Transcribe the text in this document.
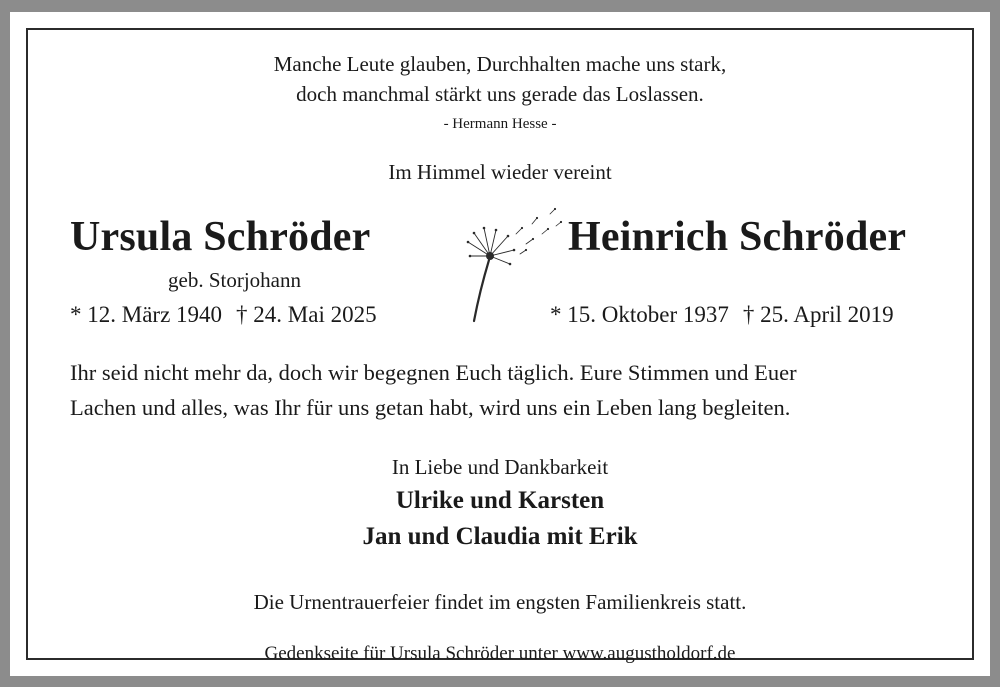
Manche Leute glauben, Durchhalten mache uns stark,
doch manchmal stärkt uns gerade das Loslassen.
- Hermann Hesse -
Im Himmel wieder vereint
Ursula Schröder
geb. Storjohann
* 12. März 1940 † 24. Mai 2025
Heinrich Schröder
* 15. Oktober 1937 † 25. April 2019
Ihr seid nicht mehr da, doch wir begegnen Euch täglich. Eure Stimmen und Euer
Lachen und alles, was Ihr für uns getan habt, wird uns ein Leben lang begleiten.
In Liebe und Dankbarkeit
Ulrike und Karsten
Jan und Claudia mit Erik
Die Urnentrauerfeier findet im engsten Familienkreis statt.
Gedenkseite für Ursula Schröder unter www.augustholdorf.de
